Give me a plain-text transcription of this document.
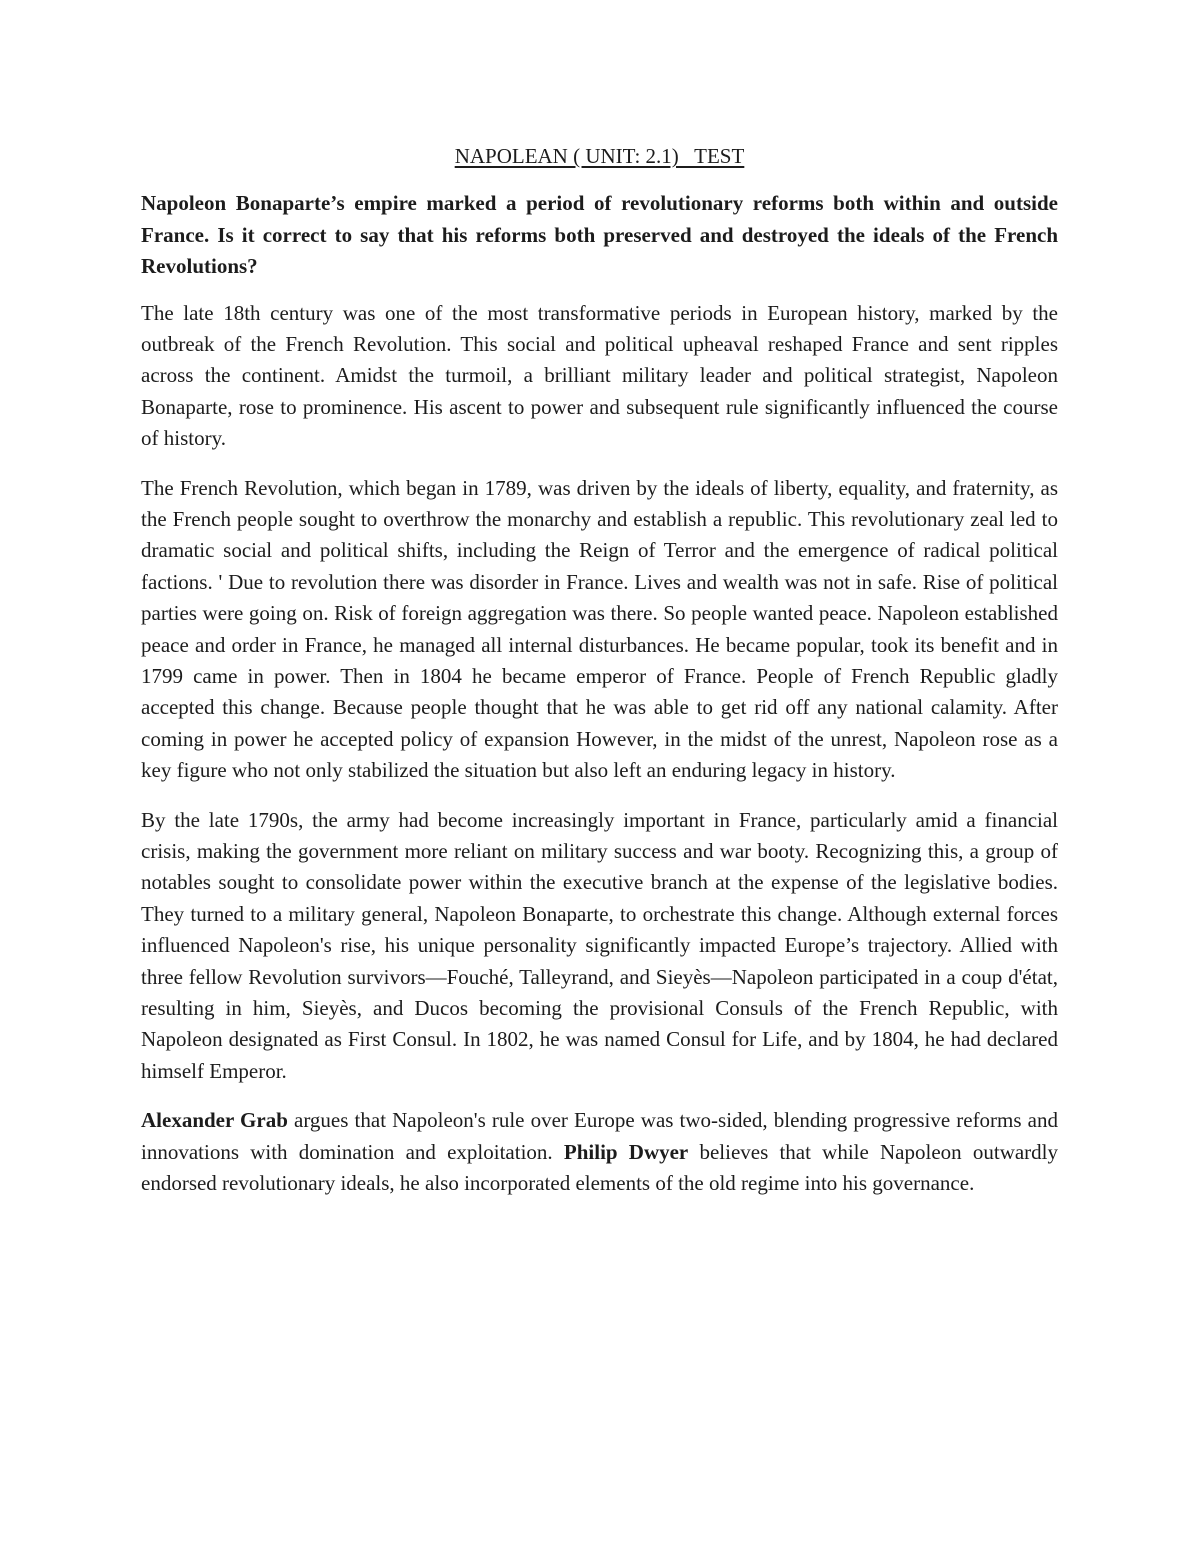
NAPOLEAN ( UNIT: 2.1)   TEST

Napoleon Bonaparte’s empire marked a period of revolutionary reforms both within and outside France. Is it correct to say that his reforms both preserved and destroyed the ideals of the French Revolutions?

The late 18th century was one of the most transformative periods in European history, marked by the outbreak of the French Revolution. This social and political upheaval reshaped France and sent ripples across the continent. Amidst the turmoil, a brilliant military leader and political strategist, Napoleon Bonaparte, rose to prominence. His ascent to power and subsequent rule significantly influenced the course of history.

The French Revolution, which began in 1789, was driven by the ideals of liberty, equality, and fraternity, as the French people sought to overthrow the monarchy and establish a republic. This revolutionary zeal led to dramatic social and political shifts, including the Reign of Terror and the emergence of radical political factions. ' Due to revolution there was disorder in France. Lives and wealth was not in safe. Rise of political parties were going on. Risk of foreign aggregation was there. So people wanted peace. Napoleon established peace and order in France, he managed all internal disturbances. He became popular, took its benefit and in 1799 came in power. Then in 1804 he became emperor of France. People of French Republic gladly accepted this change. Because people thought that he was able to get rid off any national calamity. After coming in power he accepted policy of expansion However, in the midst of the unrest, Napoleon rose as a key figure who not only stabilized the situation but also left an enduring legacy in history.

By the late 1790s, the army had become increasingly important in France, particularly amid a financial crisis, making the government more reliant on military success and war booty. Recognizing this, a group of notables sought to consolidate power within the executive branch at the expense of the legislative bodies. They turned to a military general, Napoleon Bonaparte, to orchestrate this change. Although external forces influenced Napoleon's rise, his unique personality significantly impacted Europe’s trajectory. Allied with three fellow Revolution survivors—Fouché, Talleyrand, and Sieyès—Napoleon participated in a coup d'état, resulting in him, Sieyès, and Ducos becoming the provisional Consuls of the French Republic, with Napoleon designated as First Consul. In 1802, he was named Consul for Life, and by 1804, he had declared himself Emperor.

Alexander Grab argues that Napoleon's rule over Europe was two-sided, blending progressive reforms and innovations with domination and exploitation. Philip Dwyer believes that while Napoleon outwardly endorsed revolutionary ideals, he also incorporated elements of the old regime into his governance.
